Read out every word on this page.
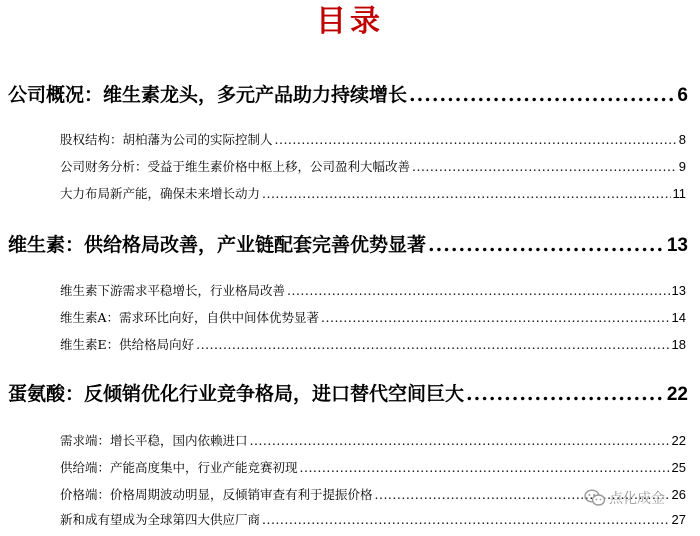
目录
公司概况：维生素龙头，多元产品助力持续增长 .....	6
股权结构：胡柏藩为公司的实际控制人 .....	8
公司财务分析：受益于维生素价格中枢上移，公司盈利大幅改善 .....	9
大力布局新产能，确保未来增长动力 .....	11
维生素：供给格局改善，产业链配套完善优势显著 .....	13
维生素下游需求平稳增长，行业格局改善 .....	13
维生素A：需求环比向好，自供中间体优势显著 .....	14
维生素E：供给格局向好 .....	18
蛋氨酸：反倾销优化行业竞争格局，进口替代空间巨大 .....	22
需求端：增长平稳，国内依赖进口 .....	22
供给端：产能高度集中，行业产能竞赛初现 .....	25
价格端：价格周期波动明显，反倾销审查有利于提振价格 .....	26
新和成有望成为全球第四大供应厂商 .....	27
点化成金
